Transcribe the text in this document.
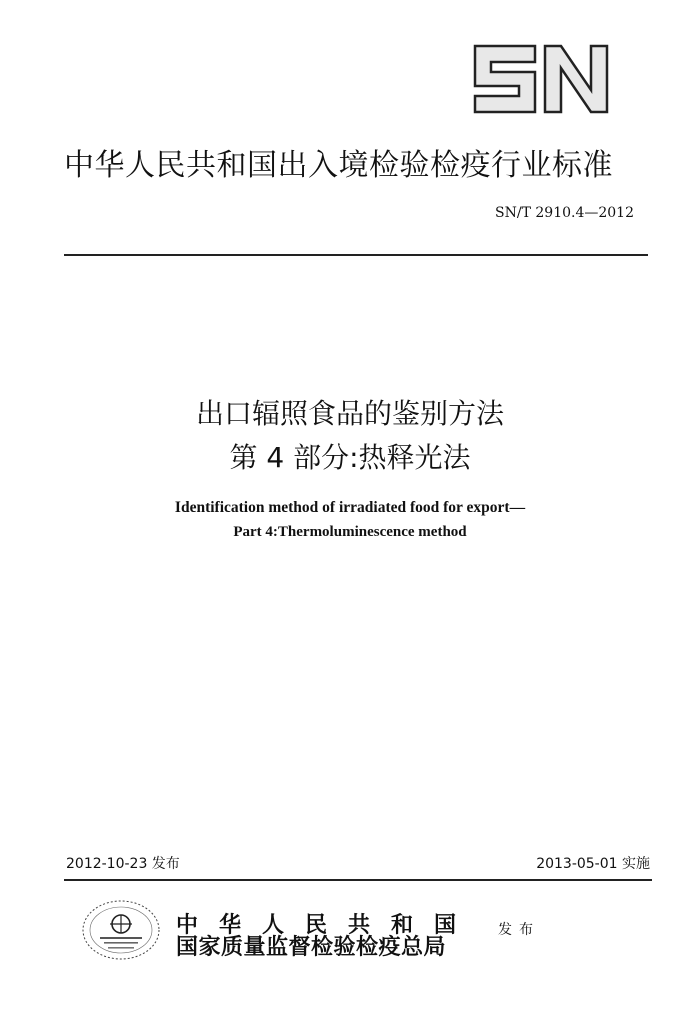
中华人民共和国出入境检验检疫行业标准
SN/T 2910.4—2012
出口辐照食品的鉴别方法
第 4 部分:热释光法
Identification method of irradiated food for export—
Part 4:Thermoluminescence method
2012-10-23 发布	2013-05-01 实施
中华人民共和国
国家质量监督检验检疫总局
发布
